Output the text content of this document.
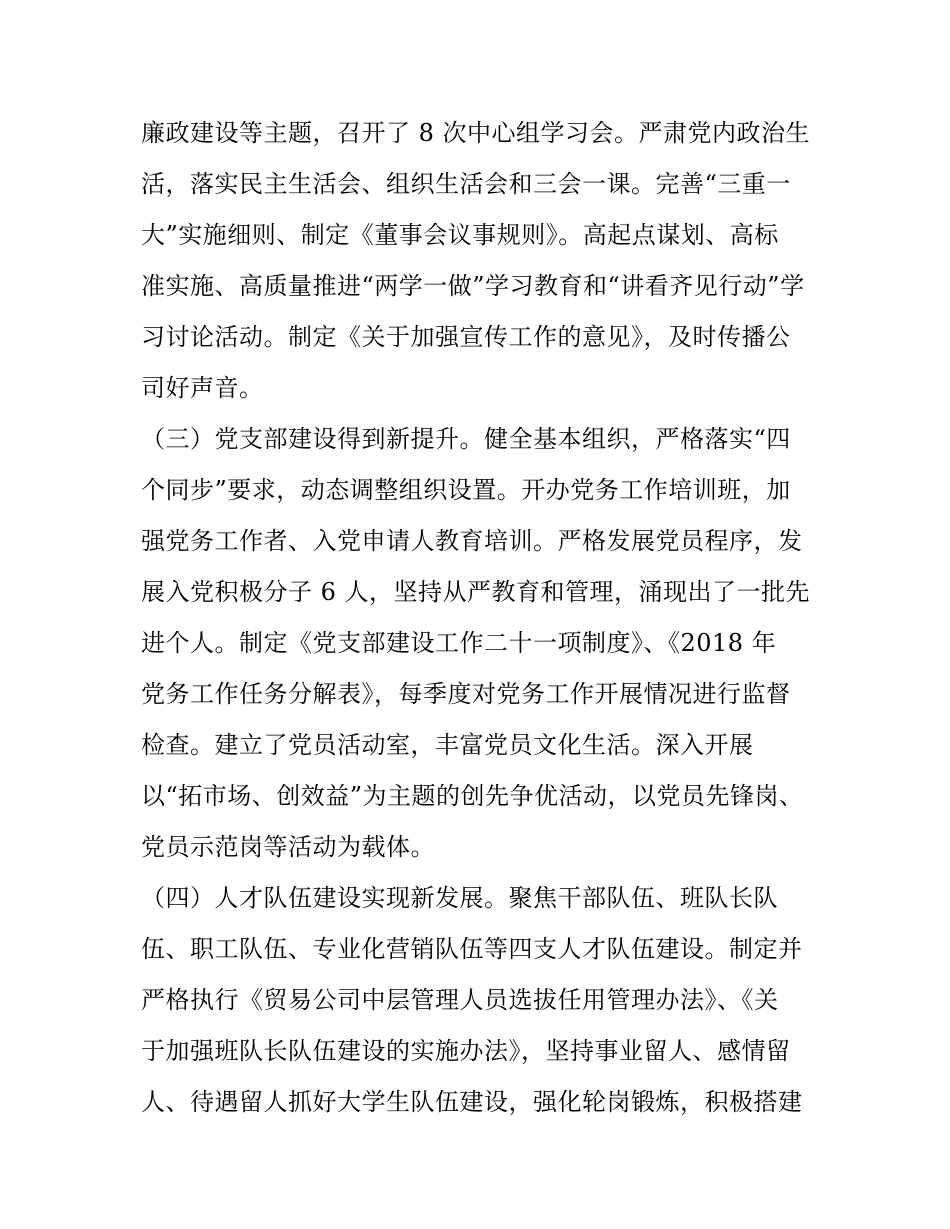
廉政建设等主题，召开了 8 次中心组学习会。严肃党内政治生
活，落实民主生活会、组织生活会和三会一课。完善“三重一
大”实施细则、制定《董事会议事规则》。高起点谋划、高标
准实施、高质量推进“两学一做”学习教育和“讲看齐见行动”学
习讨论活动。制定《关于加强宣传工作的意见》，及时传播公
司好声音。
（三）党支部建设得到新提升。健全基本组织，严格落实“四
个同步”要求，动态调整组织设置。开办党务工作培训班，加
强党务工作者、入党申请人教育培训。严格发展党员程序，发
展入党积极分子 6 人，坚持从严教育和管理，涌现出了一批先
进个人。制定《党支部建设工作二十一项制度》、《2018 年
党务工作任务分解表》，每季度对党务工作开展情况进行监督
检查。建立了党员活动室，丰富党员文化生活。深入开展
以“拓市场、创效益”为主题的创先争优活动，以党员先锋岗、
党员示范岗等活动为载体。
（四）人才队伍建设实现新发展。聚焦干部队伍、班队长队
伍、职工队伍、专业化营销队伍等四支人才队伍建设。制定并
严格执行《贸易公司中层管理人员选拔任用管理办法》、《关
于加强班队长队伍建设的实施办法》，坚持事业留人、感情留
人、待遇留人抓好大学生队伍建设，强化轮岗锻炼，积极搭建
